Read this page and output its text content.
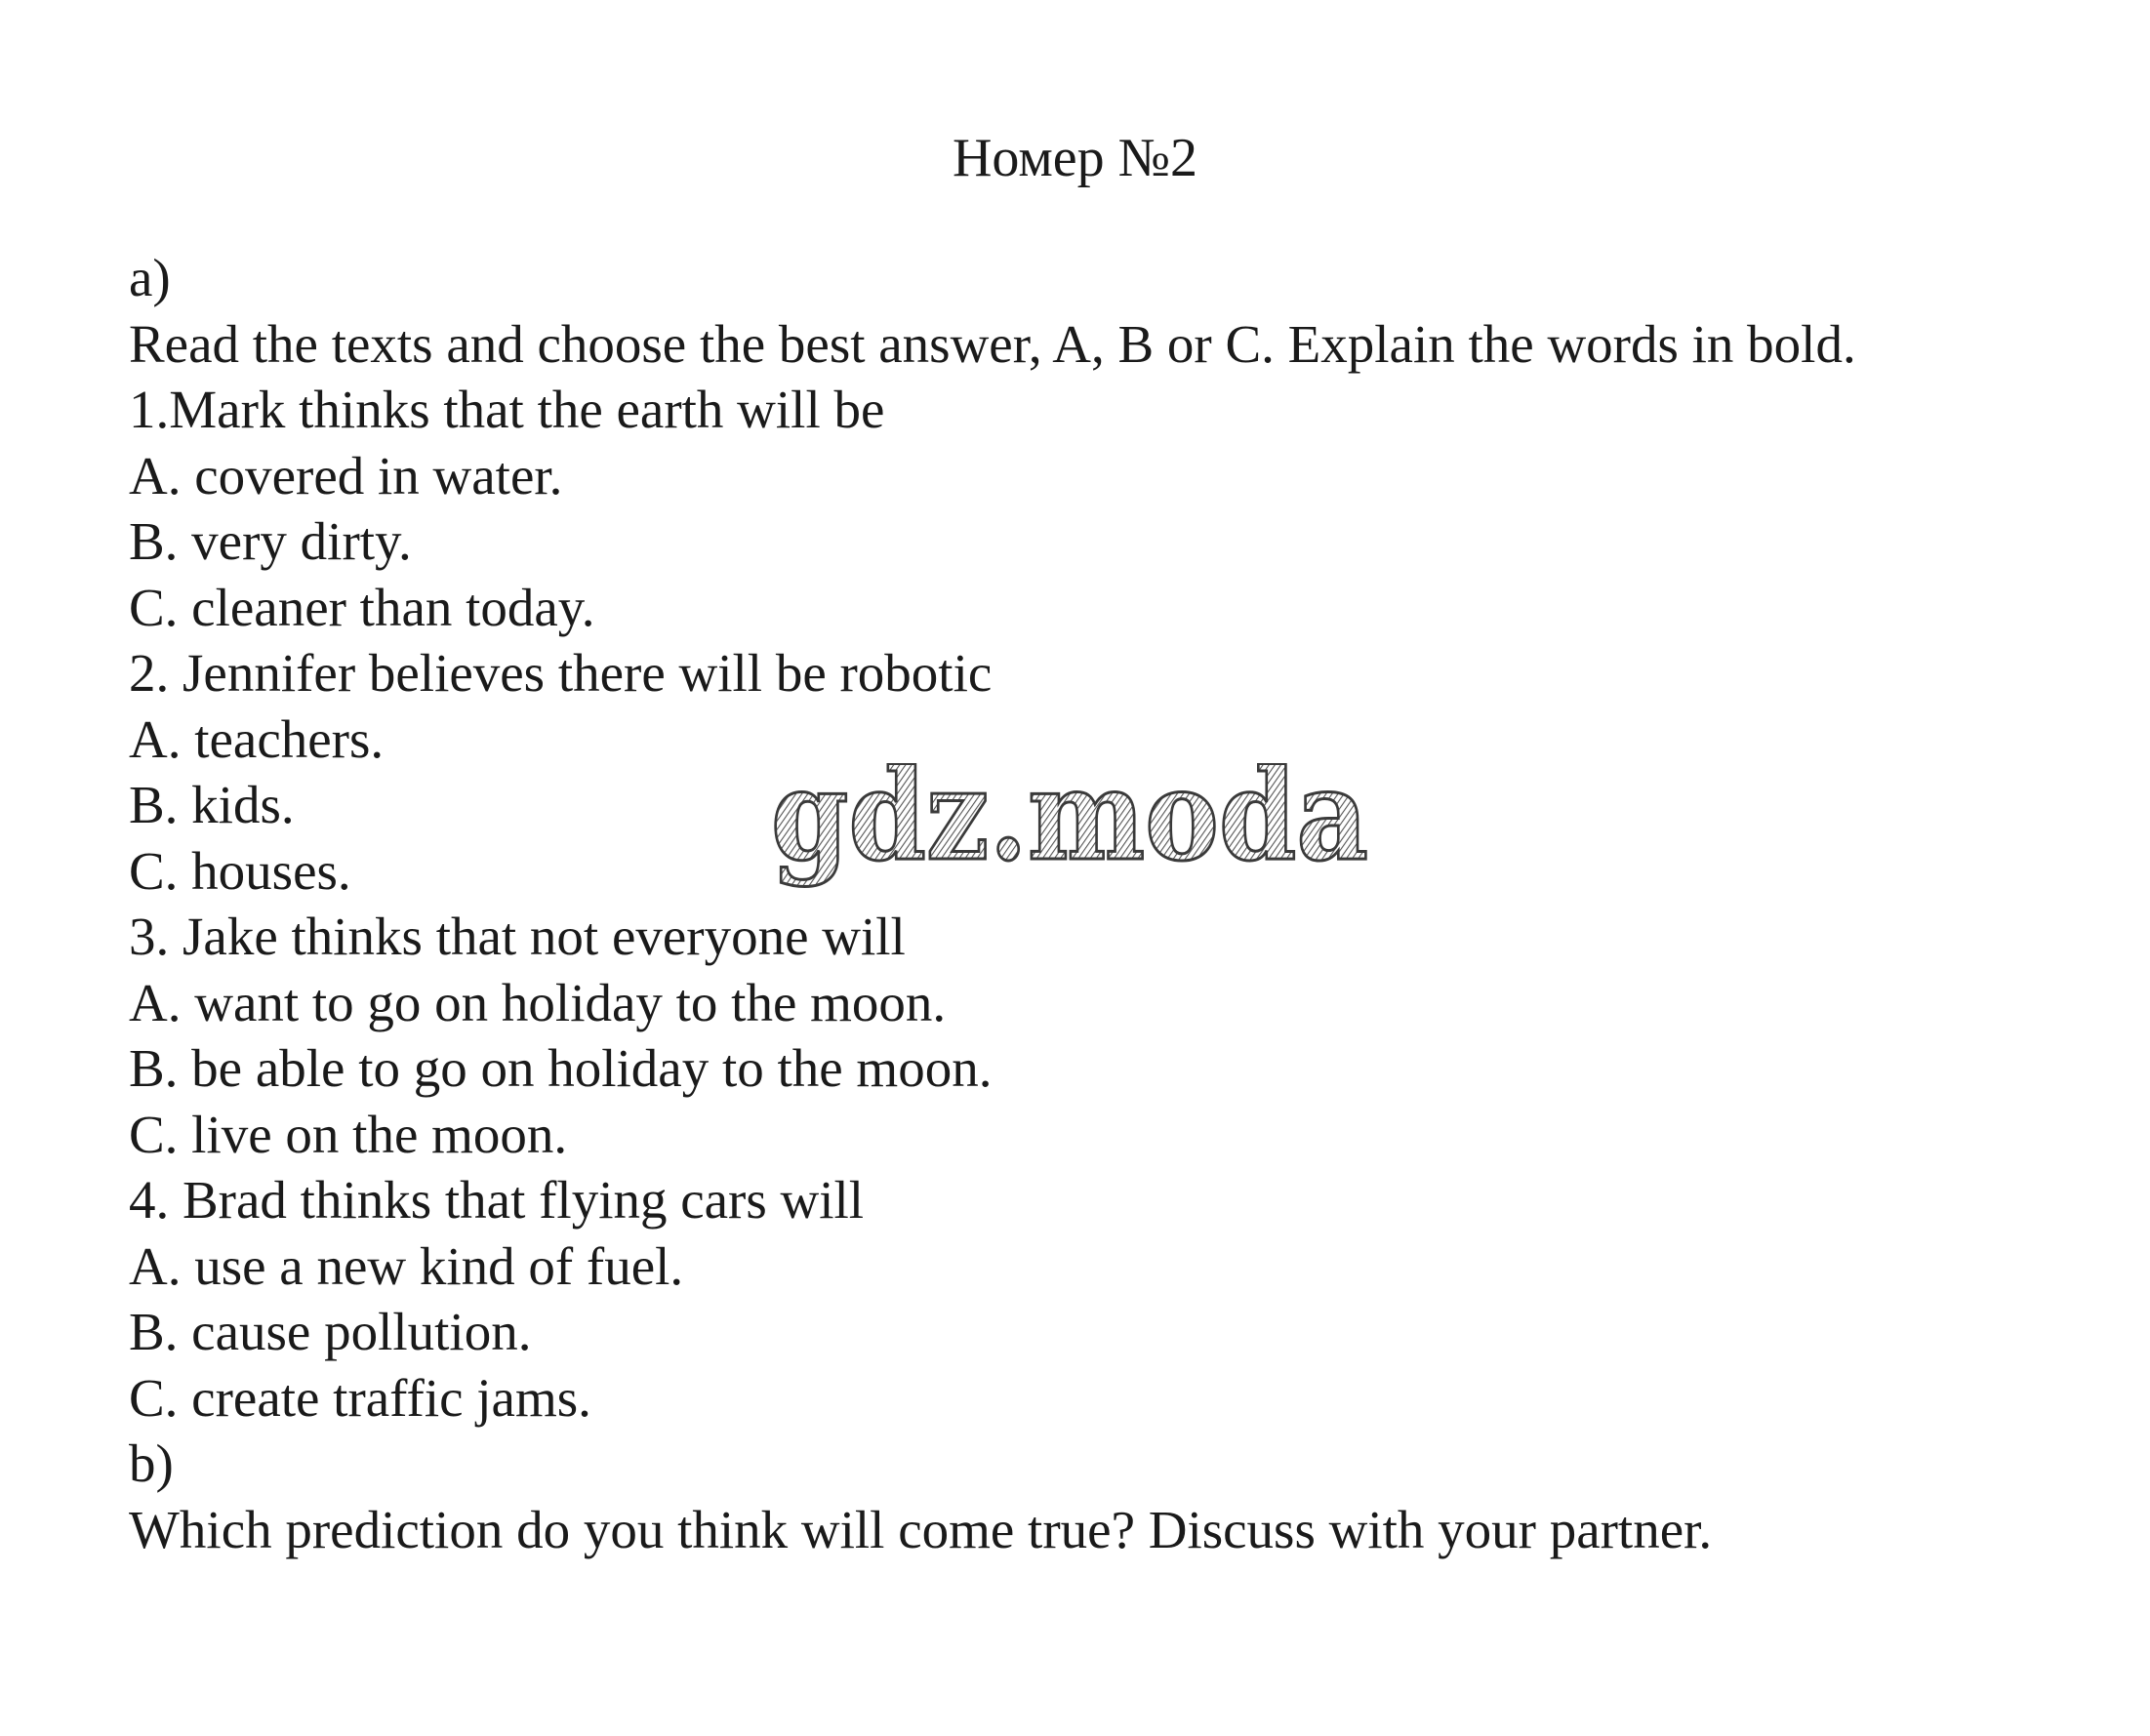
Номер №2
a)
Read the texts and choose the best answer, A, B or C. Explain the words in bold.
1.Mark thinks that the earth will be
A. covered in water.
B. very dirty.
C. cleaner than today.
2. Jennifer believes there will be robotic
A. teachers.
B. kids.
C. houses.
3. Jake thinks that not everyone will
A. want to go on holiday to the moon.
B. be able to go on holiday to the moon.
C. live on the moon.
4. Brad thinks that flying cars will
A. use a new kind of fuel.
B. cause pollution.
C. create traffic jams.
b)
Which prediction do you think will come true? Discuss with your partner.
gdz.moda
